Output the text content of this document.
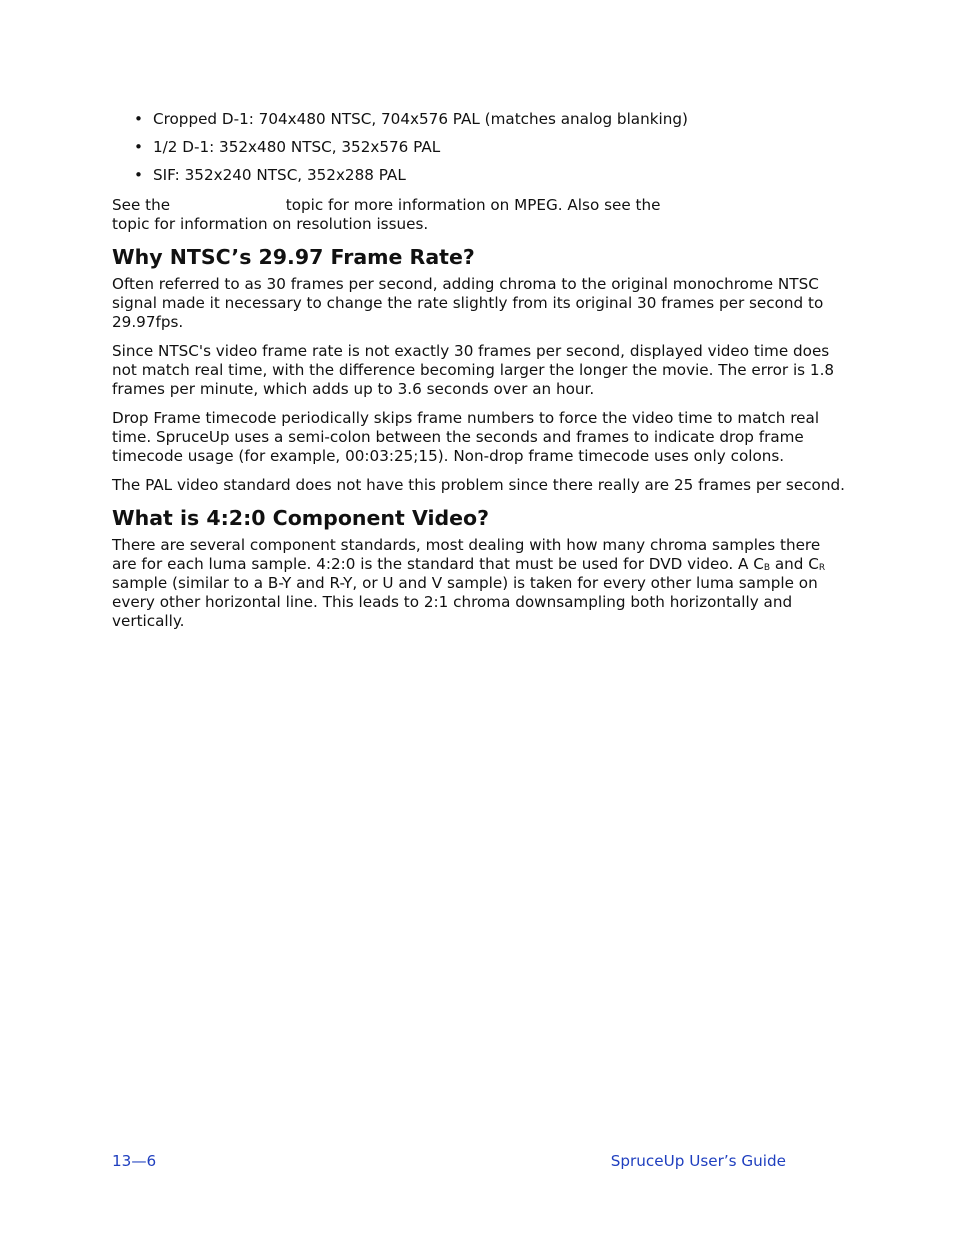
• Cropped D-1: 704x480 NTSC, 704x576 PAL (matches analog blanking)
• 1/2 D-1: 352x480 NTSC, 352x576 PAL
• SIF: 352x240 NTSC, 352x288 PAL

See the	topic for more information on MPEG. Also see the
topic for information on resolution issues.

Why NTSC’s 29.97 Frame Rate?

Often referred to as 30 frames per second, adding chroma to the original monochrome NTSC signal made it necessary to change the rate slightly from its original 30 frames per second to 29.97fps.

Since NTSC's video frame rate is not exactly 30 frames per second, displayed video time does not match real time, with the difference becoming larger the longer the movie. The error is 1.8 frames per minute, which adds up to 3.6 seconds over an hour.

Drop Frame timecode periodically skips frame numbers to force the video time to match real time. SpruceUp uses a semi-colon between the seconds and frames to indicate drop frame timecode usage (for example, 00:03:25;15). Non-drop frame timecode uses only colons.

The PAL video standard does not have this problem since there really are 25 frames per second.

What is 4:2:0 Component Video?

There are several component standards, most dealing with how many chroma samples there are for each luma sample. 4:2:0 is the standard that must be used for DVD video. A $C_B$ and $C_R$ sample (similar to a B-Y and R-Y, or U and V sample) is taken for every other luma sample on every other horizontal line. This leads to 2:1 chroma downsampling both horizontally and vertically.

13—6	SpruceUp User’s Guide
